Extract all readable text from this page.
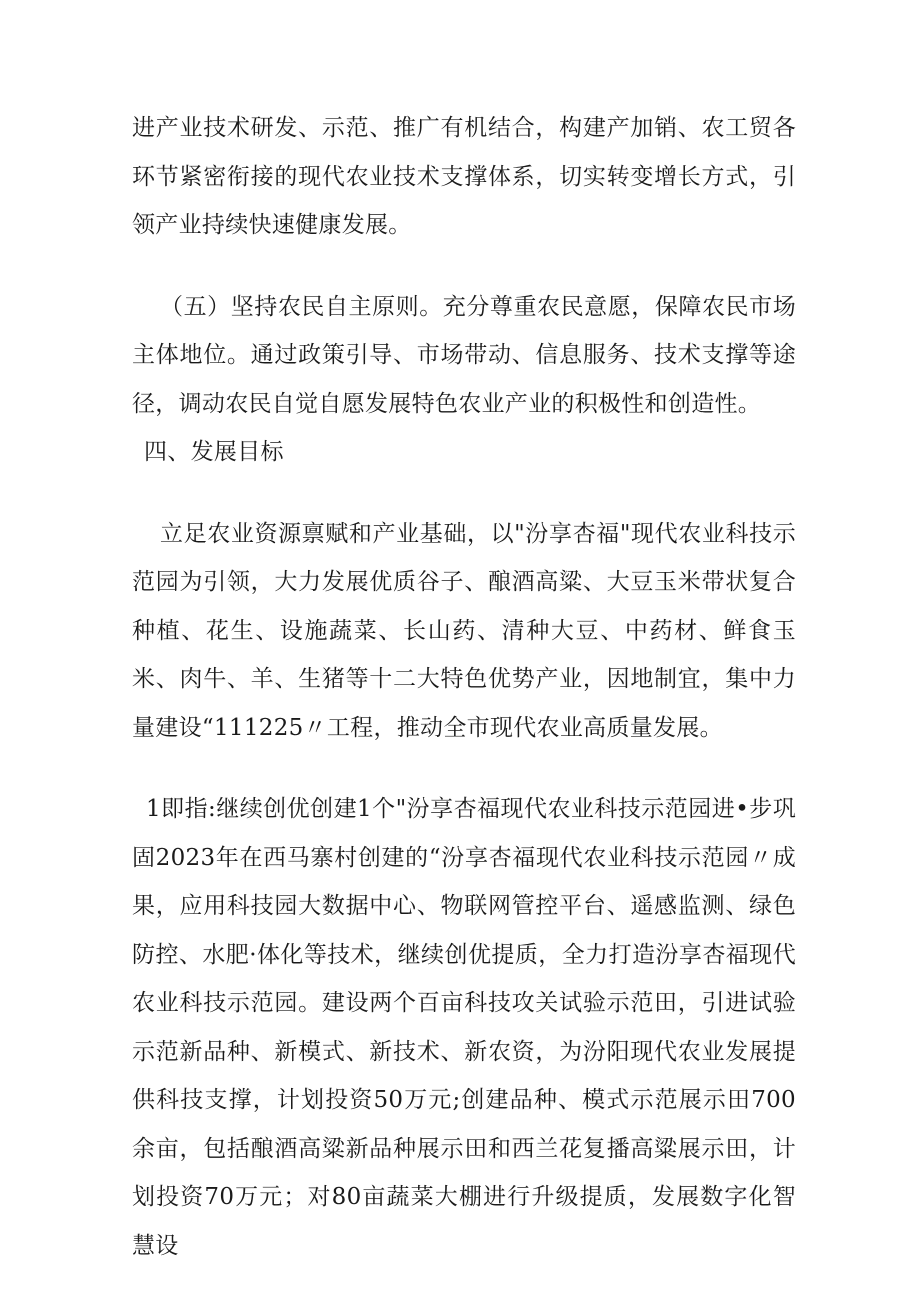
进产业技术研发、示范、推广有机结合，构建产加销、农工贸各环节紧密衔接的现代农业技术支撑体系，切实转变增长方式，引领产业持续快速健康发展。

（五）坚持农民自主原则。充分尊重农民意愿，保障农民市场主体地位。通过政策引导、市场带动、信息服务、技术支撑等途径，调动农民自觉自愿发展特色农业产业的积极性和创造性。

四、发展目标

立足农业资源禀赋和产业基础，以"汾享杏福"现代农业科技示范园为引领，大力发展优质谷子、酿酒高粱、大豆玉米带状复合种植、花生、设施蔬菜、长山药、清种大豆、中药材、鲜食玉米、肉牛、羊、生猪等十二大特色优势产业，因地制宜，集中力量建设“111225〃工程，推动全市现代农业高质量发展。

1即指:继续创优创建1个"汾享杏福现代农业科技示范园进•步巩固2023年在西马寨村创建的“汾享杏福现代农业科技示范园〃成果，应用科技园大数据中心、物联网管控平台、遥感监测、绿色防控、水肥·体化等技术，继续创优提质，全力打造汾享杏福现代农业科技示范园。建设两个百亩科技攻关试验示范田，引进试验示范新品种、新模式、新技术、新农资，为汾阳现代农业发展提供科技支撑，计划投资50万元;创建品种、模式示范展示田700余亩，包括酿酒高粱新品种展示田和西兰花复播高粱展示田，计划投资70万元；对80亩蔬菜大棚进行升级提质，发展数字化智慧设
